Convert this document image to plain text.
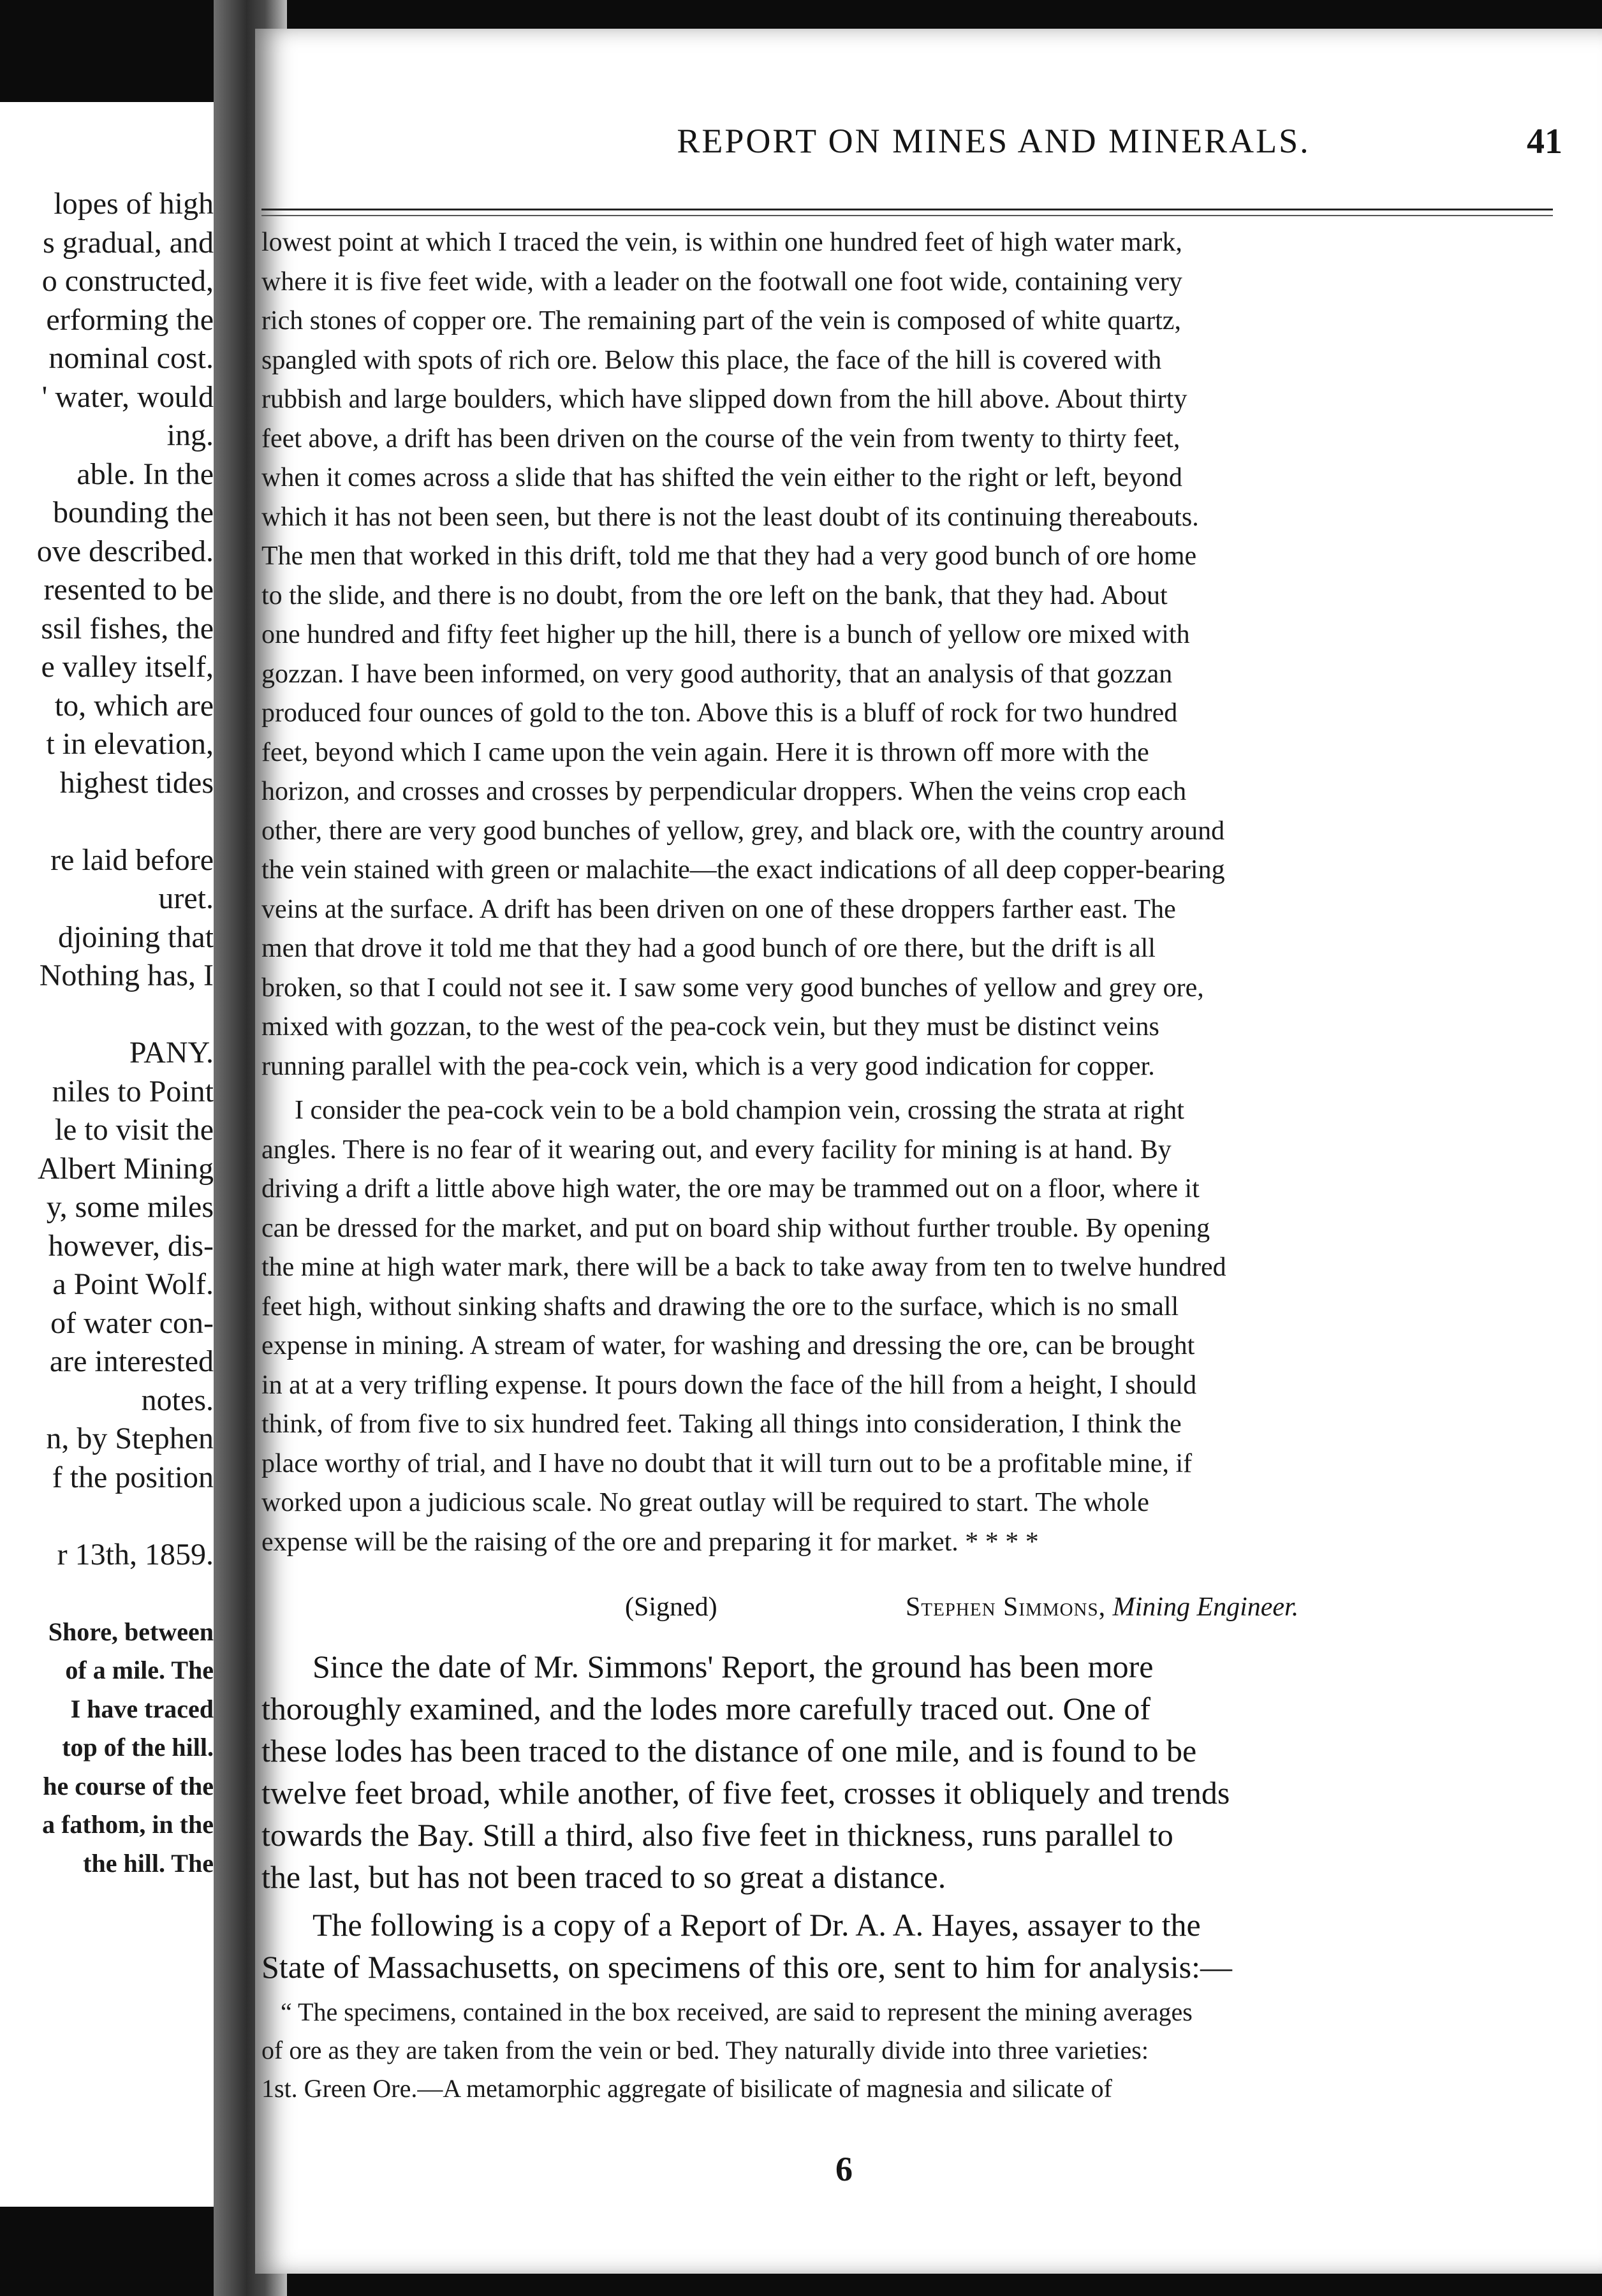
lopes of high
s gradual, and
o constructed,
erforming the
nominal cost.
' water, would
ing.
able. In the
bounding the
ove described.
resented to be
ssil fishes, the
e valley itself,
to, which are
t in elevation,
highest tides
re laid before
uret.
djoining that
Nothing has, I
PANY.
niles to Point
le to visit the
Albert Mining
y, some miles
however, dis-
a Point Wolf.
of water con-
are interested
notes.
n, by Stephen
f the position
r 13th, 1859.
Shore, between
of a mile. The
I have traced
top of the hill.
he course of the
a fathom, in the
the hill. The
REPORT ON MINES AND MINERALS.	41
lowest point at which I traced the vein, is within one hundred feet of high water mark,
where it is five feet wide, with a leader on the footwall one foot wide, containing very
rich stones of copper ore. The remaining part of the vein is composed of white quartz,
spangled with spots of rich ore. Below this place, the face of the hill is covered with
rubbish and large boulders, which have slipped down from the hill above. About thirty
feet above, a drift has been driven on the course of the vein from twenty to thirty feet,
when it comes across a slide that has shifted the vein either to the right or left, beyond
which it has not been seen, but there is not the least doubt of its continuing thereabouts.
The men that worked in this drift, told me that they had a very good bunch of ore home
to the slide, and there is no doubt, from the ore left on the bank, that they had. About
one hundred and fifty feet higher up the hill, there is a bunch of yellow ore mixed with
gozzan. I have been informed, on very good authority, that an analysis of that gozzan
produced four ounces of gold to the ton. Above this is a bluff of rock for two hundred
feet, beyond which I came upon the vein again. Here it is thrown off more with the
horizon, and crosses and crosses by perpendicular droppers. When the veins crop each
other, there are very good bunches of yellow, grey, and black ore, with the country around
the vein stained with green or malachite—the exact indications of all deep copper-bearing
veins at the surface. A drift has been driven on one of these droppers farther east. The
men that drove it told me that they had a good bunch of ore there, but the drift is all
broken, so that I could not see it. I saw some very good bunches of yellow and grey ore,
mixed with gozzan, to the west of the pea-cock vein, but they must be distinct veins
running parallel with the pea-cock vein, which is a very good indication for copper.
I consider the pea-cock vein to be a bold champion vein, crossing the strata at right
angles. There is no fear of it wearing out, and every facility for mining is at hand. By
driving a drift a little above high water, the ore may be trammed out on a floor, where it
can be dressed for the market, and put on board ship without further trouble. By opening
the mine at high water mark, there will be a back to take away from ten to twelve hundred
feet high, without sinking shafts and drawing the ore to the surface, which is no small
expense in mining. A stream of water, for washing and dressing the ore, can be brought
in at at a very trifling expense. It pours down the face of the hill from a height, I should
think, of from five to six hundred feet. Taking all things into consideration, I think the
place worthy of trial, and I have no doubt that it will turn out to be a profitable mine, if
worked upon a judicious scale. No great outlay will be required to start. The whole
expense will be the raising of the ore and preparing it for market. * * * *
(Signed)	Stephen Simmons, Mining Engineer.
Since the date of Mr. Simmons' Report, the ground has been more
thoroughly examined, and the lodes more carefully traced out. One of
these lodes has been traced to the distance of one mile, and is found to be
twelve feet broad, while another, of five feet, crosses it obliquely and trends
towards the Bay. Still a third, also five feet in thickness, runs parallel to
the last, but has not been traced to so great a distance.
The following is a copy of a Report of Dr. A. A. Hayes, assayer to the
State of Massachusetts, on specimens of this ore, sent to him for analysis:—
“ The specimens, contained in the box received, are said to represent the mining averages
of ore as they are taken from the vein or bed. They naturally divide into three varieties:
1st. Green Ore.—A metamorphic aggregate of bisilicate of magnesia and silicate of
6
